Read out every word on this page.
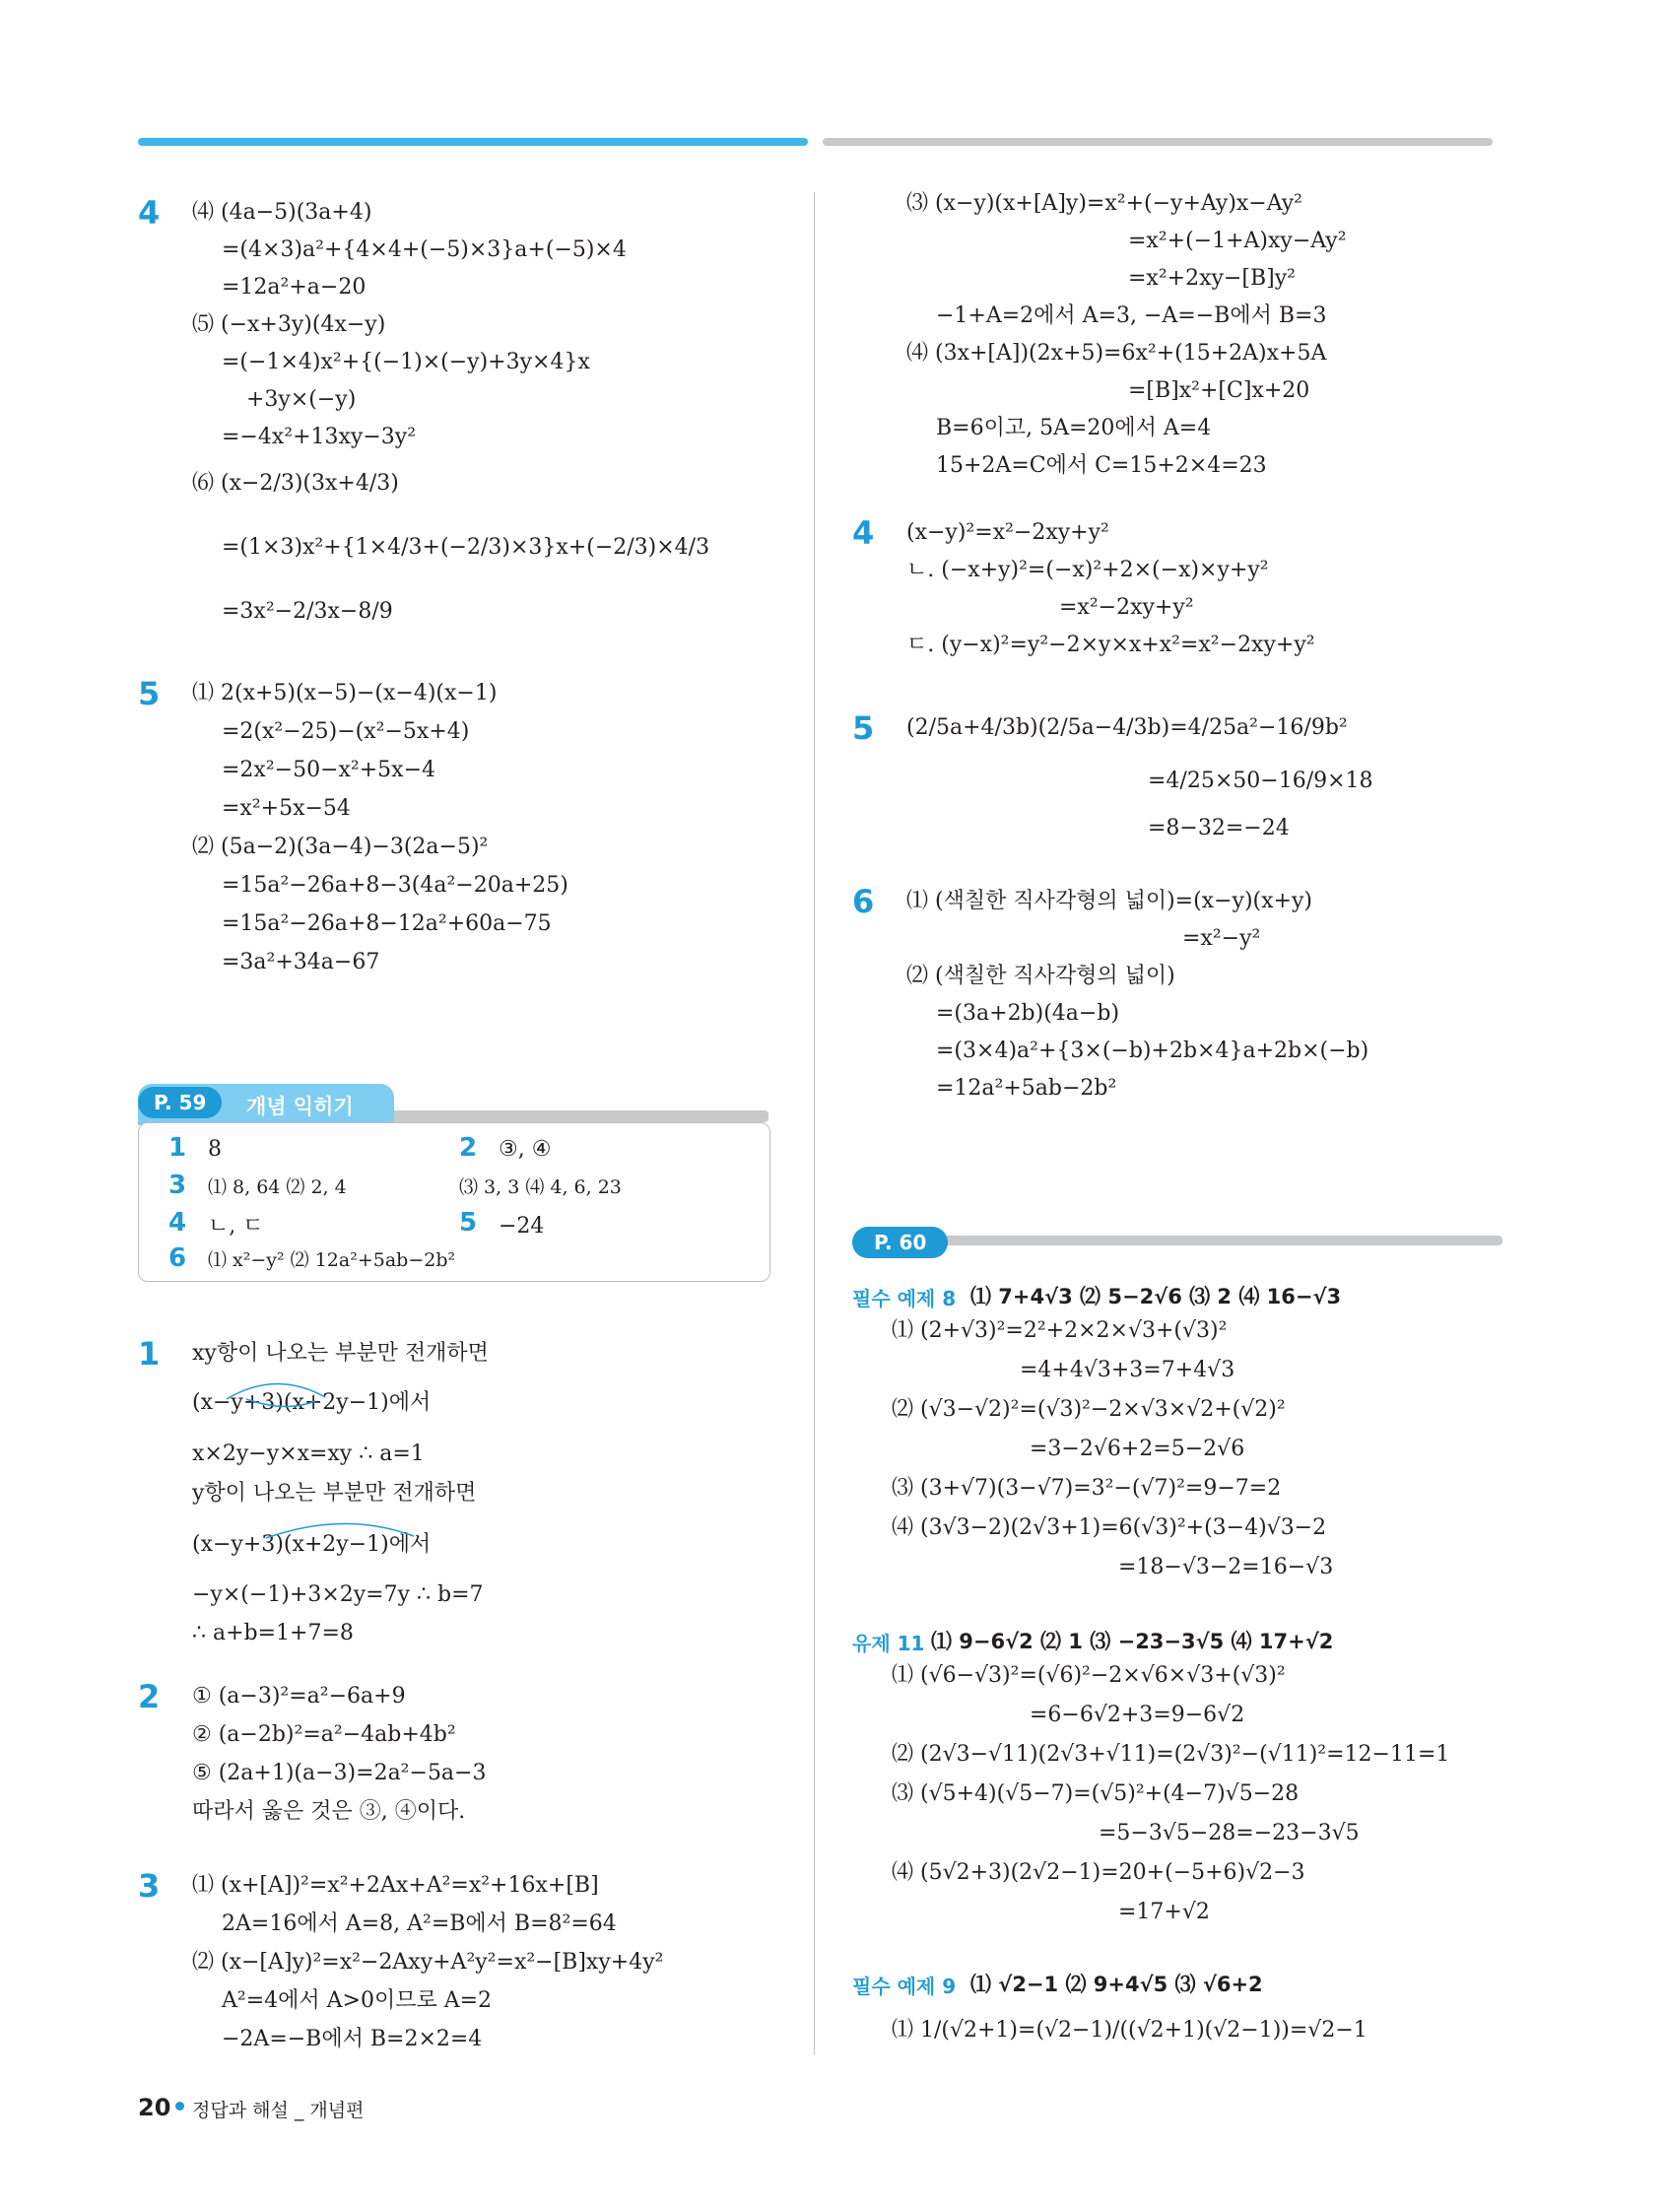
4 ⑷ (4a−5)(3a+4)
=(4×3)a²+{4×4+(−5)×3}a+(−5)×4
=12a²+a−20
⑸ (−x+3y)(4x−y)
=(−1×4)x²+{(−1)×(−y)+3y×4}x
+3y×(−y)
=−4x²+13xy−3y²
⑹ (x−2/3)(3x+4/3)
=(1×3)x²+{1×4/3+(−2/3)×3}x+(−2/3)×4/3
=3x²−2/3x−8/9
5 ⑴ 2(x+5)(x−5)−(x−4)(x−1)
=2(x²−25)−(x²−5x+4)
=2x²−50−x²+5x−4
=x²+5x−54
⑵ (5a−2)(3a−4)−3(2a−5)²
=15a²−26a+8−3(4a²−20a+25)
=15a²−26a+8−12a²+60a−75
=3a²+34a−67
P. 59	개념 익히기
1 8	2 ③, ④
3 ⑴ 8, 64 ⑵ 2, 4	⑶ 3, 3 ⑷ 4, 6, 23
4 ㄴ, ㄷ	5 −24
6 ⑴ x²−y² ⑵ 12a²+5ab−2b²
1 xy항이 나오는 부분만 전개하면
(x−y+3)(x+2y−1)에서
x×2y−y×x=xy ∴ a=1
y항이 나오는 부분만 전개하면
(x−y+3)(x+2y−1)에서
−y×(−1)+3×2y=7y ∴ b=7
∴ a+b=1+7=8
2 ① (a−3)²=a²−6a+9
② (a−2b)²=a²−4ab+4b²
⑤ (2a+1)(a−3)=2a²−5a−3
따라서 옳은 것은 ③, ④이다.
3 ⑴ (x+[A])²=x²+2Ax+A²=x²+16x+[B]
2A=16에서 A=8, A²=B에서 B=8²=64
⑵ (x−[A]y)²=x²−2Axy+A²y²=x²−[B]xy+4y²
A²=4에서 A>0이므로 A=2
−2A=−B에서 B=2×2=4
⑶ (x−y)(x+[A]y)=x²+(−y+Ay)x−Ay²
=x²+(−1+A)xy−Ay²
=x²+2xy−[B]y²
−1+A=2에서 A=3, −A=−B에서 B=3
⑷ (3x+[A])(2x+5)=6x²+(15+2A)x+5A
=[B]x²+[C]x+20
B=6이고, 5A=20에서 A=4
15+2A=C에서 C=15+2×4=23
4 (x−y)²=x²−2xy+y²
ㄴ. (−x+y)²=(−x)²+2×(−x)×y+y²
=x²−2xy+y²
ㄷ. (y−x)²=y²−2×y×x+x²=x²−2xy+y²
5 (2/5a+4/3b)(2/5a−4/3b)=4/25a²−16/9b²
=4/25×50−16/9×18
=8−32=−24
6 ⑴ (색칠한 직사각형의 넓이)=(x−y)(x+y)
=x²−y²
⑵ (색칠한 직사각형의 넓이)
=(3a+2b)(4a−b)
=(3×4)a²+{3×(−b)+2b×4}a+2b×(−b)
=12a²+5ab−2b²
P. 60
필수 예제 8 ⑴ 7+4√3 ⑵ 5−2√6 ⑶ 2 ⑷ 16−√3
⑴ (2+√3)²=2²+2×2×√3+(√3)²
=4+4√3+3=7+4√3
⑵ (√3−√2)²=(√3)²−2×√3×√2+(√2)²
=3−2√6+2=5−2√6
⑶ (3+√7)(3−√7)=3²−(√7)²=9−7=2
⑷ (3√3−2)(2√3+1)=6(√3)²+(3−4)√3−2
=18−√3−2=16−√3
유제 11 ⑴ 9−6√2 ⑵ 1 ⑶ −23−3√5 ⑷ 17+√2
⑴ (√6−√3)²=(√6)²−2×√6×√3+(√3)²
=6−6√2+3=9−6√2
⑵ (2√3−√11)(2√3+√11)=(2√3)²−(√11)²=12−11=1
⑶ (√5+4)(√5−7)=(√5)²+(4−7)√5−28
=5−3√5−28=−23−3√5
⑷ (5√2+3)(2√2−1)=20+(−5+6)√2−3
=17+√2
필수 예제 9 ⑴ √2−1 ⑵ 9+4√5 ⑶ √6+2
⑴ 1/(√2+1)=(√2−1)/((√2+1)(√2−1))=√2−1
20 정답과 해설 _ 개념편
